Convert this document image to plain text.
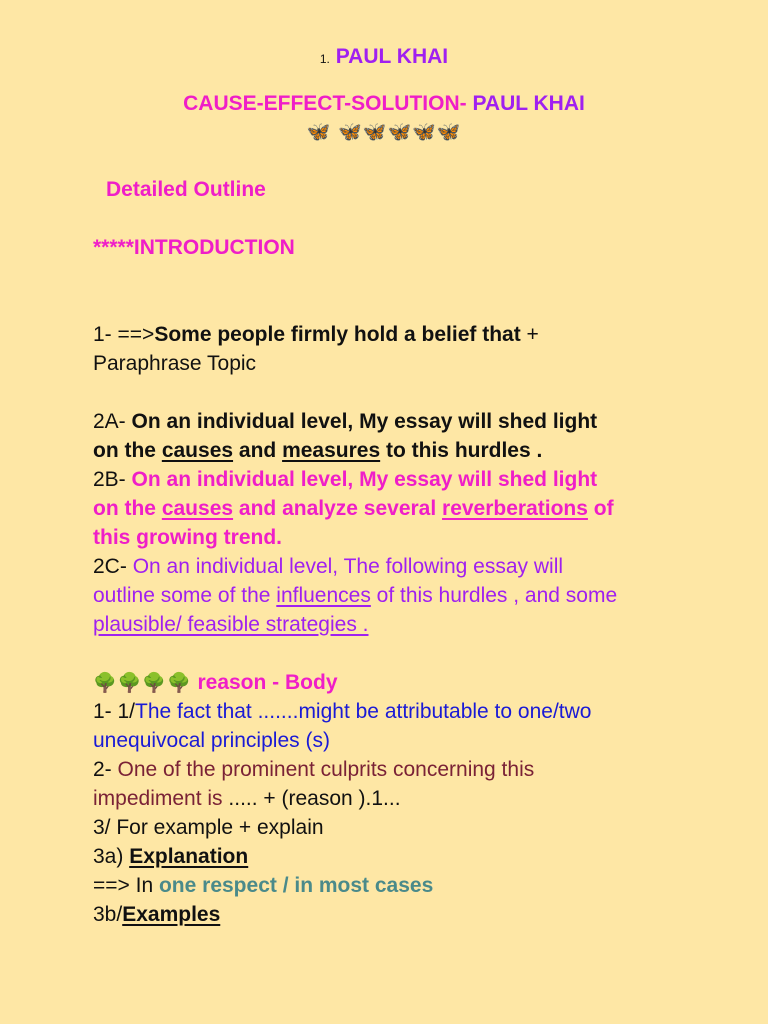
1. PAUL KHAI
CAUSE-EFFECT-SOLUTION- PAUL KHAI
🦋 🦋🦋🦋🦋🦋
Detailed Outline
*****INTRODUCTION
1- ==>Some people firmly hold a belief that +
Paraphrase Topic
2A- On an individual level, My essay will shed light
on the causes and measures to this hurdles .
2B- On an individual level, My essay will shed light
on the causes and analyze several reverberations of
this growing trend.
2C- On an individual level, The following essay will
outline some of the influences of this hurdles , and some
plausible/ feasible strategies .
🌳🌳🌳🌳 reason - Body
1- 1/The fact that .......might be attributable to one/two
unequivocal principles (s)
2- One of the prominent culprits concerning this
impediment is ..... + (reason ).1...
3/ For example + explain
3a) Explanation
==> In one respect / in most cases
3b/Examples
